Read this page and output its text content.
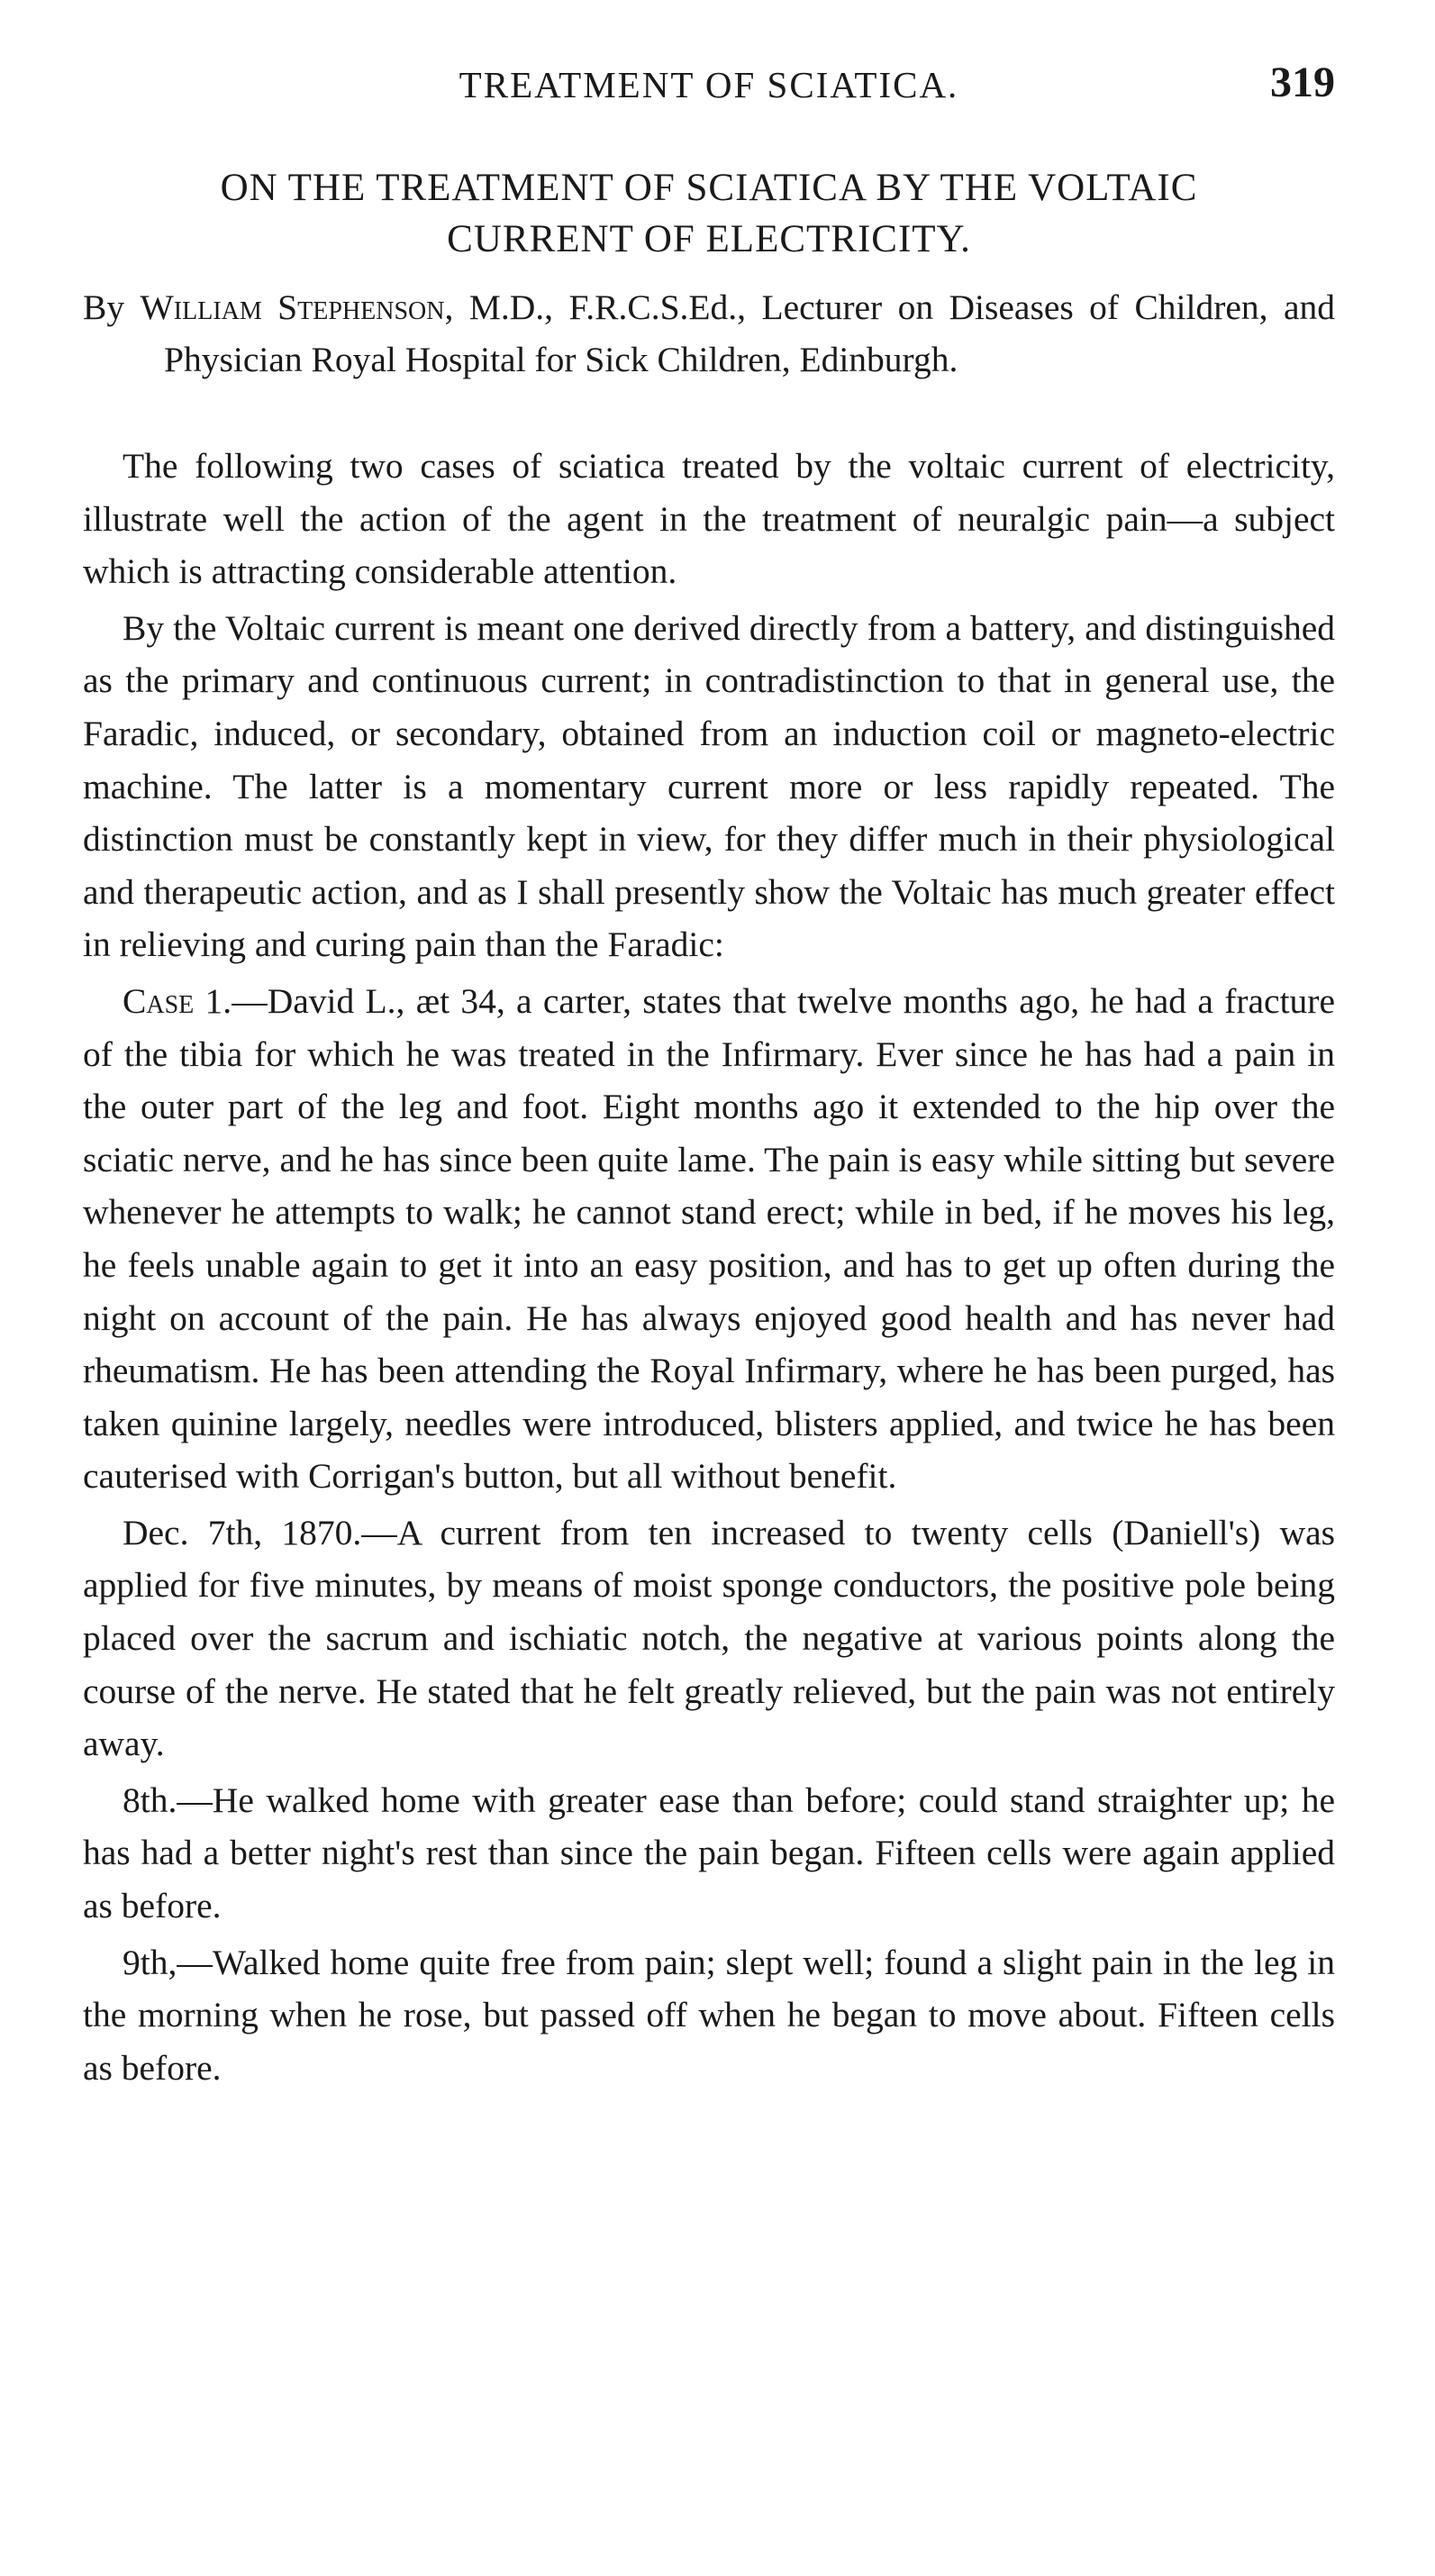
TREATMENT OF SCIATICA.	319
ON THE TREATMENT OF SCIATICA BY THE VOLTAIC
CURRENT OF ELECTRICITY.
By William Stephenson, M.D., F.R.C.S.Ed., Lecturer on Diseases of Children, and Physician Royal Hospital for Sick Children, Edinburgh.

The following two cases of sciatica treated by the voltaic current of electricity, illustrate well the action of the agent in the treatment of neuralgic pain—a subject which is attracting considerable attention.

By the Voltaic current is meant one derived directly from a battery, and distinguished as the primary and continuous current; in contradistinction to that in general use, the Faradic, induced, or secondary, obtained from an induction coil or magneto-electric machine. The latter is a momentary current more or less rapidly repeated. The distinction must be constantly kept in view, for they differ much in their physiological and therapeutic action, and as I shall presently show the Voltaic has much greater effect in relieving and curing pain than the Faradic:

Case 1.—David L., æt 34, a carter, states that twelve months ago, he had a fracture of the tibia for which he was treated in the Infirmary. Ever since he has had a pain in the outer part of the leg and foot. Eight months ago it extended to the hip over the sciatic nerve, and he has since been quite lame. The pain is easy while sitting but severe whenever he attempts to walk; he cannot stand erect; while in bed, if he moves his leg, he feels unable again to get it into an easy position, and has to get up often during the night on account of the pain. He has always enjoyed good health and has never had rheumatism. He has been attending the Royal Infirmary, where he has been purged, has taken quinine largely, needles were introduced, blisters applied, and twice he has been cauterised with Corrigan's button, but all without benefit.

Dec. 7th, 1870.—A current from ten increased to twenty cells (Daniell's) was applied for five minutes, by means of moist sponge conductors, the positive pole being placed over the sacrum and ischiatic notch, the negative at various points along the course of the nerve. He stated that he felt greatly relieved, but the pain was not entirely away.

8th.—He walked home with greater ease than before; could stand straighter up; he has had a better night's rest than since the pain began. Fifteen cells were again applied as before.

9th,—Walked home quite free from pain; slept well; found a slight pain in the leg in the morning when he rose, but passed off when he began to move about. Fifteen cells as before.
